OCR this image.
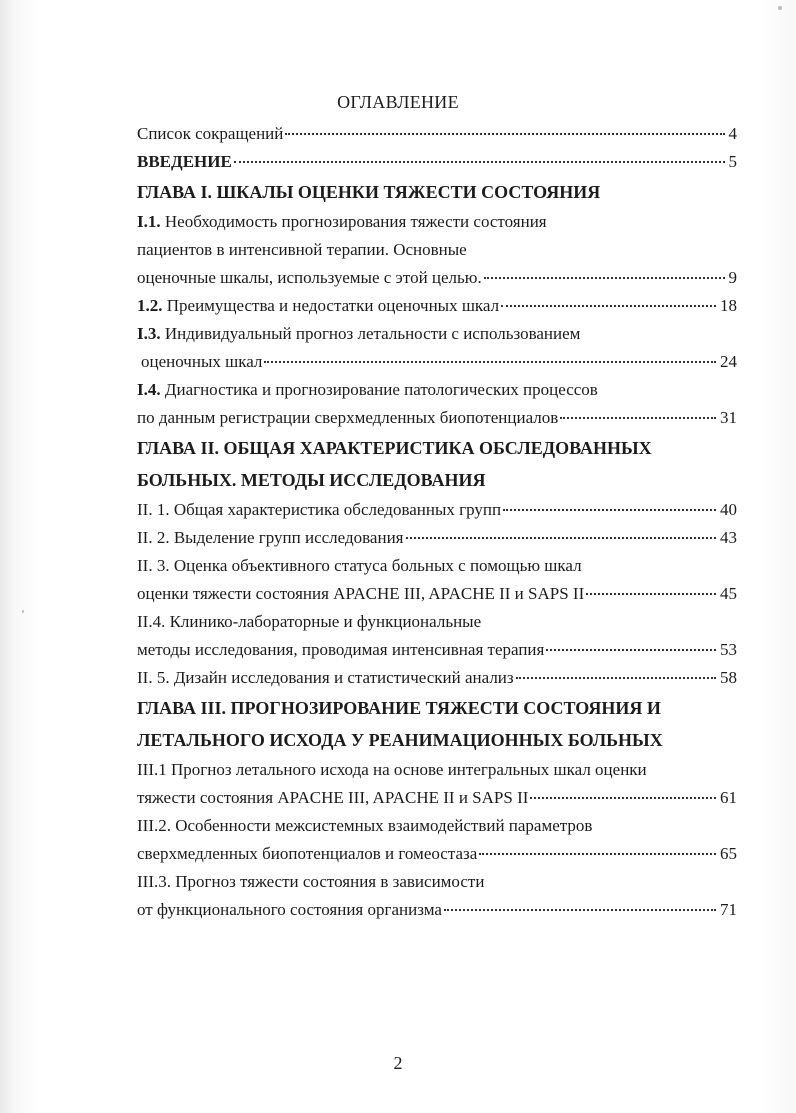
ОГЛАВЛЕНИЕ
Список сокращений	4
ВВЕДЕНИЕ	5
ГЛАВА I. ШКАЛЫ ОЦЕНКИ ТЯЖЕСТИ СОСТОЯНИЯ
I.1. Необходимость прогнозирования тяжести состояния
пациентов в интенсивной терапии. Основные
оценочные шкалы, используемые с этой целью.	9
1.2. Преимущества и недостатки оценочных шкал	18
I.3. Индивидуальный прогноз летальности с использованием
оценочных шкал	24
I.4. Диагностика и прогнозирование патологических процессов
по данным регистрации сверхмедленных биопотенциалов	31
ГЛАВА II. ОБЩАЯ ХАРАКТЕРИСТИКА ОБСЛЕДОВАННЫХ
БОЛЬНЫХ. МЕТОДЫ ИССЛЕДОВАНИЯ
II. 1. Общая характеристика обследованных групп	40
II. 2. Выделение групп исследования	43
II. 3. Оценка объективного статуса больных с помощью шкал
оценки тяжести состояния APACHE III, APACHE II и SAPS II	45
II.4. Клинико-лабораторные и функциональные
методы исследования, проводимая интенсивная терапия	53
II. 5. Дизайн исследования и статистический анализ	58
ГЛАВА III. ПРОГНОЗИРОВАНИЕ ТЯЖЕСТИ СОСТОЯНИЯ И
ЛЕТАЛЬНОГО ИСХОДА У РЕАНИМАЦИОННЫХ БОЛЬНЫХ
III.1 Прогноз летального исхода на основе интегральных шкал оценки
тяжести состояния APACHE III, APACHE II и SAPS II	61
III.2. Особенности межсистемных взаимодействий параметров
сверхмедленных биопотенциалов и гомеостаза	65
III.3. Прогноз тяжести состояния в зависимости
от функционального состояния организма	71
2
